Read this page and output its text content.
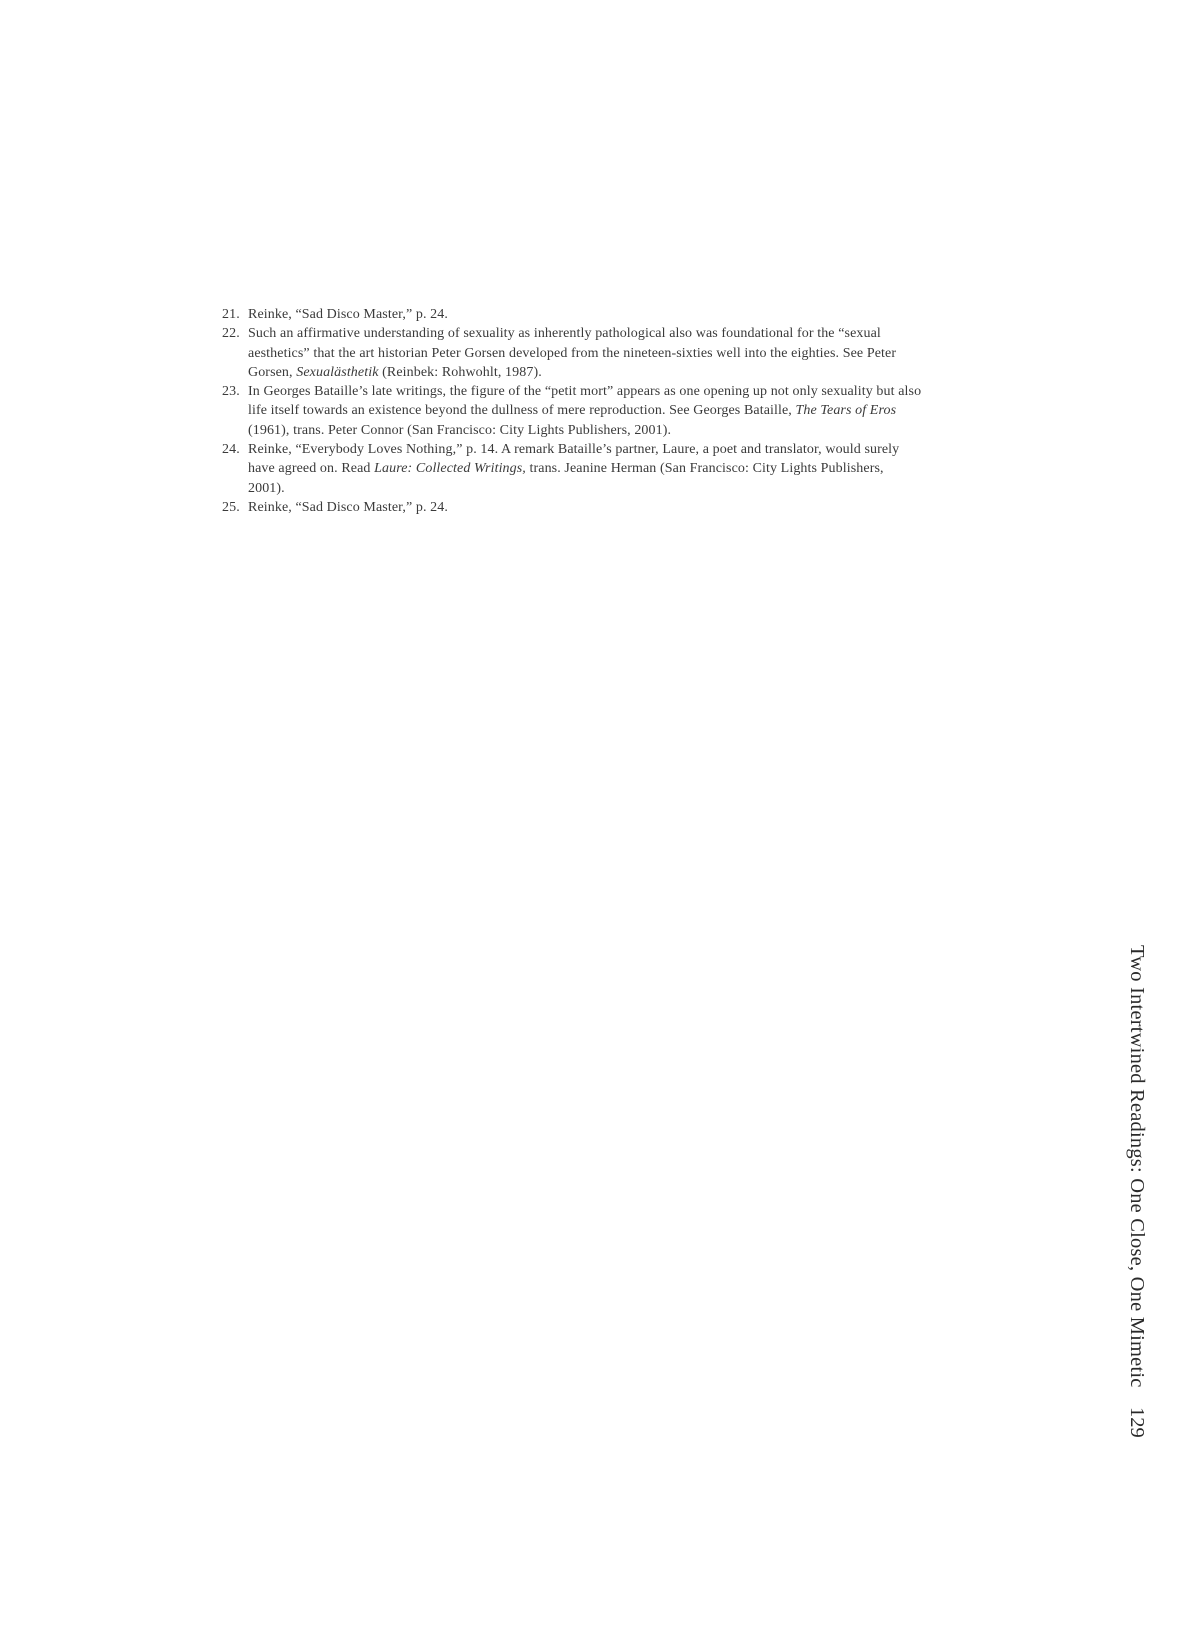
21. Reinke, “Sad Disco Master,” p. 24.
22. Such an affirmative understanding of sexuality as inherently pathological also was foundational for the “sexual aesthetics” that the art historian Peter Gorsen developed from the nineteen-sixties well into the eighties. See Peter Gorsen, Sexualästhetik (Reinbek: Rohwohlt, 1987).
23. In Georges Bataille’s late writings, the figure of the “petit mort” appears as one opening up not only sexuality but also life itself towards an existence beyond the dullness of mere reproduction. See Georges Bataille, The Tears of Eros (1961), trans. Peter Connor (San Francisco: City Lights Publishers, 2001).
24. Reinke, “Everybody Loves Nothing,” p. 14. A remark Bataille’s partner, Laure, a poet and translator, would surely have agreed on. Read Laure: Collected Writings, trans. Jeanine Herman (San Francisco: City Lights Publishers, 2001).
25. Reinke, “Sad Disco Master,” p. 24.
Two Intertwined Readings: One Close, One Mimetic
129
